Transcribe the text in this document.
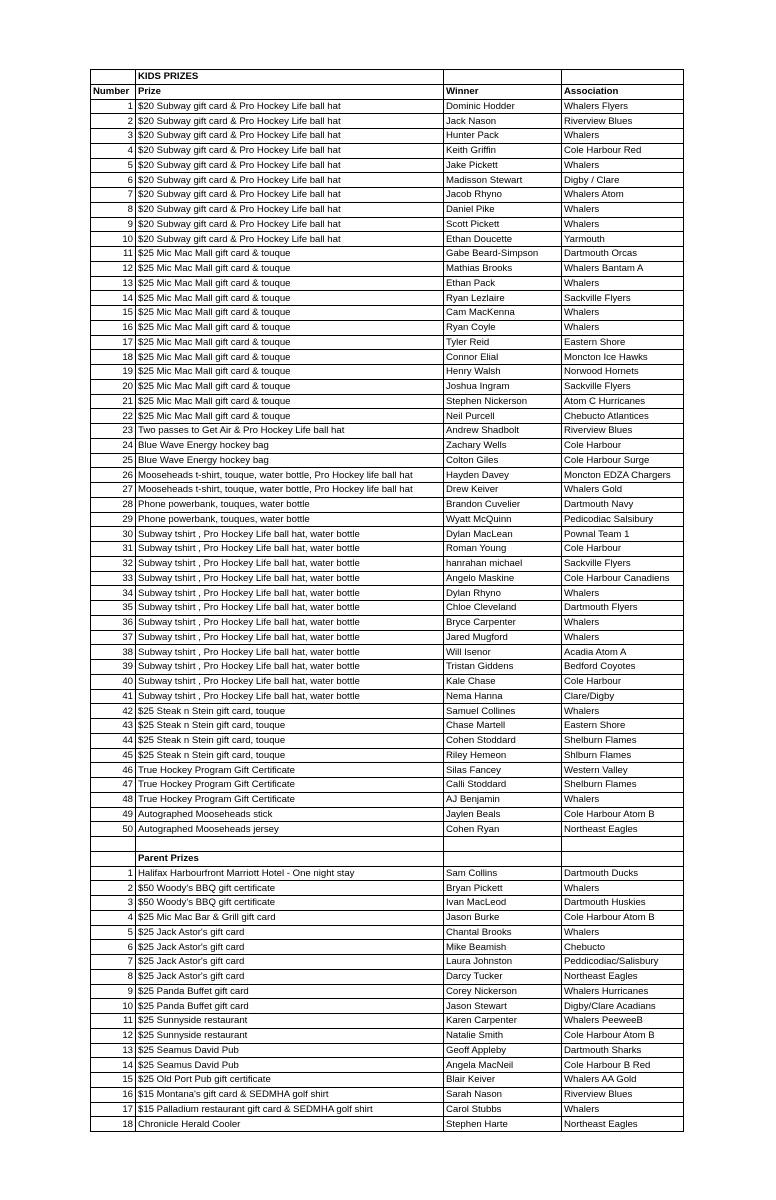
	KIDS PRIZES		
Number	Prize	Winner	Association
1	$20 Subway gift card & Pro Hockey Life ball hat	Dominic Hodder	Whalers Flyers
2	$20 Subway gift card & Pro Hockey Life ball hat	Jack Nason	Riverview Blues
3	$20 Subway gift card & Pro Hockey Life ball hat	Hunter Pack	Whalers
4	$20 Subway gift card & Pro Hockey Life ball hat	Keith Griffin	Cole Harbour Red
5	$20 Subway gift card & Pro Hockey Life ball hat	Jake Pickett	Whalers
6	$20 Subway gift card & Pro Hockey Life ball hat	Madisson Stewart	Digby / Clare
7	$20 Subway gift card & Pro Hockey Life ball hat	Jacob Rhyno	Whalers Atom
8	$20 Subway gift card & Pro Hockey Life ball hat	Daniel Pike	Whalers
9	$20 Subway gift card & Pro Hockey Life ball hat	Scott Pickett	Whalers
10	$20 Subway gift card & Pro Hockey Life ball hat	Ethan Doucette	Yarmouth
11	$25 Mic Mac Mall gift card & touque	Gabe Beard-Simpson	Dartmouth Orcas
12	$25 Mic Mac Mall gift card & touque	Mathias Brooks	Whalers Bantam A
13	$25 Mic Mac Mall gift card & touque	Ethan Pack	Whalers
14	$25 Mic Mac Mall gift card & touque	Ryan Lezlaire	Sackville Flyers
15	$25 Mic Mac Mall gift card & touque	Cam MacKenna	Whalers
16	$25 Mic Mac Mall gift card & touque	Ryan Coyle	Whalers
17	$25 Mic Mac Mall gift card & touque	Tyler Reid	Eastern Shore
18	$25 Mic Mac Mall gift card & touque	Connor Elial	Moncton Ice Hawks
19	$25 Mic Mac Mall gift card & touque	Henry Walsh	Norwood Hornets
20	$25 Mic Mac Mall gift card & touque	Joshua Ingram	Sackville Flyers
21	$25 Mic Mac Mall gift card & touque	Stephen Nickerson	Atom C Hurricanes
22	$25 Mic Mac Mall gift card & touque	Neil Purcell	Chebucto Atlantices
23	Two passes to Get Air & Pro Hockey Life ball hat	Andrew Shadbolt	Riverview Blues
24	Blue Wave Energy hockey bag	Zachary Wells	Cole Harbour
25	Blue Wave Energy hockey bag	Colton Giles	Cole Harbour Surge
26	Mooseheads t-shirt, touque, water bottle, Pro Hockey life ball hat	Hayden Davey	Moncton EDZA Chargers
27	Mooseheads t-shirt, touque, water bottle, Pro Hockey life ball hat	Drew Keiver	Whalers Gold
28	Phone powerbank, touques, water bottle	Brandon Cuvelier	Dartmouth Navy
29	Phone powerbank, touques, water bottle	Wyatt McQuinn	Pedicodiac Salsibury
30	Subway tshirt , Pro Hockey Life ball hat, water bottle	Dylan MacLean	Pownal Team 1
31	Subway tshirt , Pro Hockey Life ball hat, water bottle	Roman Young	Cole Harbour
32	Subway tshirt , Pro Hockey Life ball hat, water bottle	hanrahan michael	Sackville Flyers
33	Subway tshirt , Pro Hockey Life ball hat, water bottle	Angelo Maskine	Cole Harbour Canadiens
34	Subway tshirt , Pro Hockey Life ball hat, water bottle	Dylan Rhyno	Whalers
35	Subway tshirt , Pro Hockey Life ball hat, water bottle	Chloe Cleveland	Dartmouth Flyers
36	Subway tshirt , Pro Hockey Life ball hat, water bottle	Bryce Carpenter	Whalers
37	Subway tshirt , Pro Hockey Life ball hat, water bottle	Jared Mugford	Whalers
38	Subway tshirt , Pro Hockey Life ball hat, water bottle	Will Isenor	Acadia Atom A
39	Subway tshirt , Pro Hockey Life ball hat, water bottle	Tristan Giddens	Bedford Coyotes
40	Subway tshirt , Pro Hockey Life ball hat, water bottle	Kale Chase	Cole Harbour
41	Subway tshirt , Pro Hockey Life ball hat, water bottle	Nema Hanna	Clare/Digby
42	$25 Steak n Stein gift card, touque	Samuel Collines	Whalers
43	$25 Steak n Stein gift card, touque	Chase Martell	Eastern Shore
44	$25 Steak n Stein gift card, touque	Cohen Stoddard	Shelburn Flames
45	$25 Steak n Stein gift card, touque	Riley Hemeon	Shlburn Flames
46	True Hockey Program Gift Certificate	Silas Fancey	Western Valley
47	True Hockey Program Gift Certificate	Calli Stoddard	Shelburn Flames
48	True Hockey Program Gift Certificate	AJ Benjamin	Whalers
49	Autographed Mooseheads stick	Jaylen Beals	Cole Harbour Atom B
50	Autographed Mooseheads jersey	Cohen Ryan	Northeast Eagles

	Parent Prizes		
1	Halifax Harbourfront Marriott Hotel - One night stay	Sam Collins	Dartmouth Ducks
2	$50 Woody's BBQ gift certificate	Bryan Pickett	Whalers
3	$50 Woody's BBQ gift certificate	Ivan MacLeod	Dartmouth Huskies
4	$25 Mic Mac Bar & Grill gift card	Jason Burke	Cole Harbour Atom B
5	$25 Jack Astor's gift card	Chantal Brooks	Whalers
6	$25 Jack Astor's gift card	Mike Beamish	Chebucto
7	$25 Jack Astor's gift card	Laura Johnston	Peddicodiac/Salisbury
8	$25 Jack Astor's gift card	Darcy Tucker	Northeast Eagles
9	$25 Panda Buffet gift card	Corey Nickerson	Whalers Hurricanes
10	$25 Panda Buffet gift card	Jason Stewart	Digby/Clare Acadians
11	$25 Sunnyside restaurant	Karen Carpenter	Whalers PeeweeB
12	$25 Sunnyside restaurant	Natalie Smith	Cole Harbour Atom B
13	$25 Seamus David Pub	Geoff Appleby	Dartmouth Sharks
14	$25 Seamus David Pub	Angela MacNeil	Cole Harbour B Red
15	$25 Old Port Pub gift certificate	Blair Keiver	Whalers AA Gold
16	$15 Montana's gift card & SEDMHA golf shirt	Sarah Nason	Riverview Blues
17	$15 Palladium restaurant gift card & SEDMHA golf shirt	Carol Stubbs	Whalers
18	Chronicle Herald Cooler	Stephen Harte	Northeast Eagles
